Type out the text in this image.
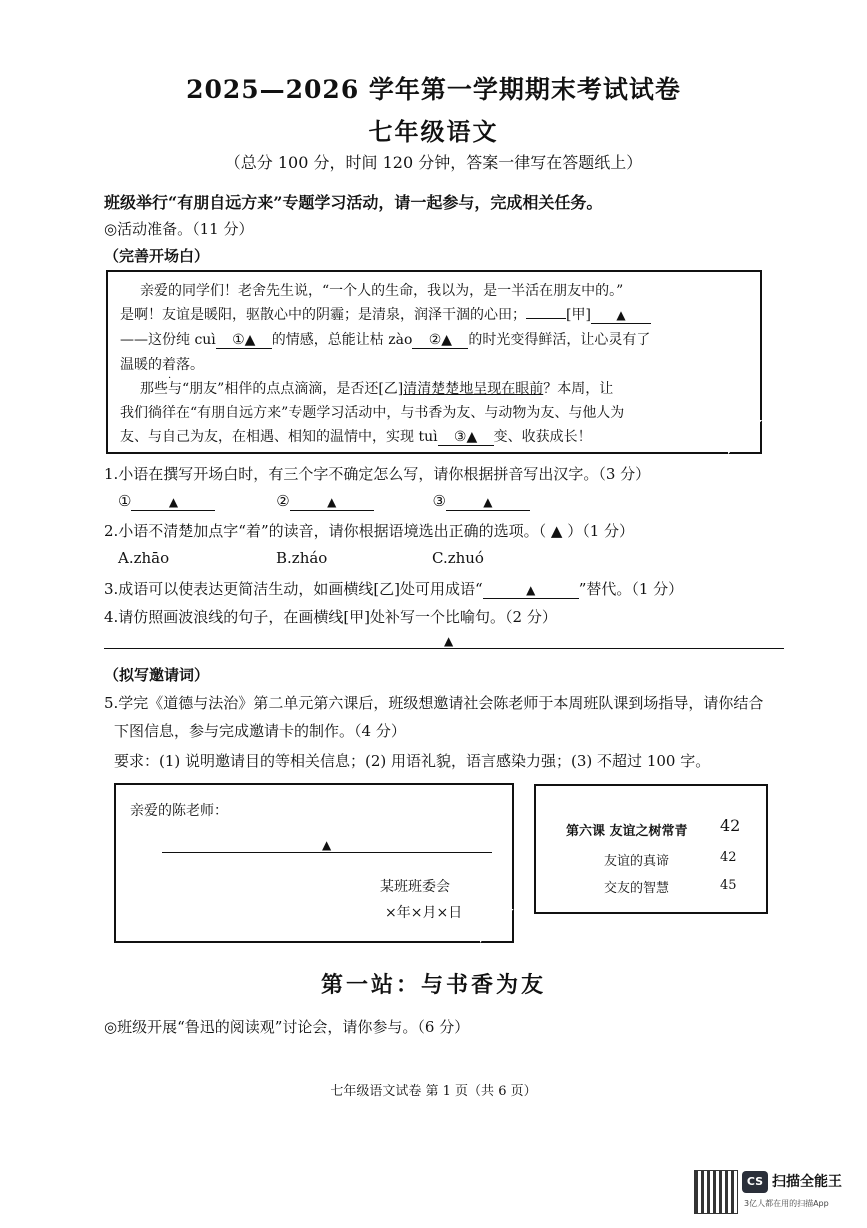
2025—2026 学年第一学期期末考试试卷
七年级语文
（总分 100 分，时间 120 分钟，答案一律写在答题纸上）
班级举行“有朋自远方来”专题学习活动，请一起参与，完成相关任务。
◎活动准备。（11 分）
（完善开场白）
亲爱的同学们！老舍先生说，“一个人的生命，我以为，是一半活在朋友中的。”
是啊！友谊是暖阳，驱散心中的阴霾；是清泉，润泽干涸的心田；	[甲] ▲
——这份纯 cuì ①▲ 的情感，总能让枯 zào ②▲ 的时光变得鲜活，让心灵有了
温暖的着
·
落。
那些与“朋友”相伴的点点滴滴，是否还[乙]清清楚楚地呈现在眼前？本周，让
我们徜徉在“有朋自远方来”专题学习活动中，与书香为友、与动物为友、与他人为
友、与自己为友，在相遇、相知的温情中，实现 tuì ③▲ 变、收获成长！
1.小语在撰写开场白时，有三个字不确定怎么写，请你根据拼音写出汉字。（3 分）
①	▲	②	▲	③	▲
2.小语不清楚加点字“着”的读音，请你根据语境选出正确的选项。（ ▲ ）（1 分）
A.zhāo	B.zháo	C.zhuó
3.成语可以使表达更简洁生动，如画横线[乙]处可用成语“	▲	”替代。（1 分）
4.请仿照画波浪线的句子，在画横线[甲]处补写一个比喻句。（2 分）
▲
（拟写邀请词）
5.学完《道德与法治》第二单元第六课后，班级想邀请社会陈老师于本周班队课到场指导，请你结合
下图信息，参与完成邀请卡的制作。（4 分）
要求：(1) 说明邀请目的等相关信息；(2) 用语礼貌，语言感染力强；(3) 不超过 100 字。
亲爱的陈老师：
▲
某班班委会
×年×月×日
第六课 友谊之树常青 42
友谊的真谛	42
交友的智慧	45
第一站：与书香为友
◎班级开展“鲁迅的阅读观”讨论会，请你参与。（6 分）
七年级语文试卷 第 1 页（共 6 页）
CS 扫描全能王
3亿人都在用的扫描App
